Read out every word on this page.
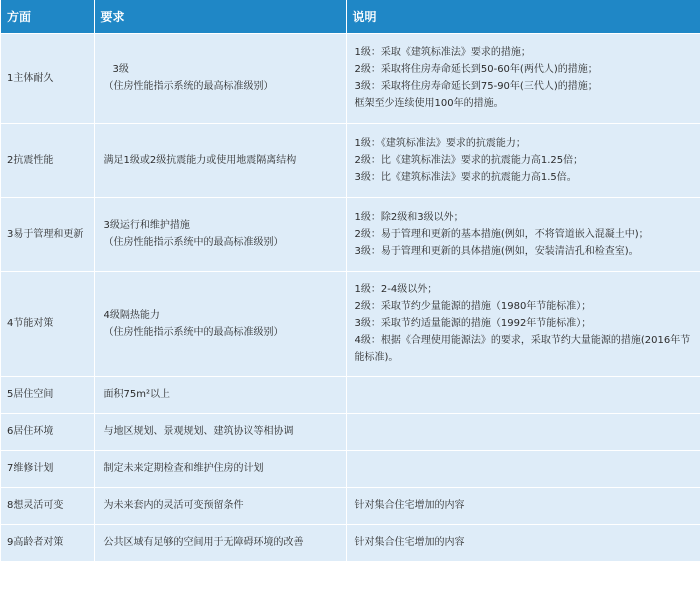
方面	要求	说明
1主体耐久	3级
（住房性能指示系统的最高标准级别）	1级：采取《建筑标准法》要求的措施；
2级：采取将住房寿命延长到50-60年(两代人)的措施；
3级：采取将住房寿命延长到75-90年(三代人)的措施；
框架至少连续使用100年的措施。

2抗震性能	满足1级或2级抗震能力或使用地震隔离结构	1级：《建筑标准法》要求的抗震能力；
2级：比《建筑标准法》要求的抗震能力高1.25倍；
3级：比《建筑标准法》要求的抗震能力高1.5倍。

3易于管理和更新	3级运行和维护措施
（住房性能指示系统中的最高标准级别）	1级：除2级和3级以外；
2级：易于管理和更新的基本措施(例如，不将管道嵌入混凝土中)；
3级：易于管理和更新的具体措施(例如，安装清洁孔和检查室)。

4节能对策	4级隔热能力
（住房性能指示系统中的最高标准级别）	1级：2-4级以外；
2级：采取节约少量能源的措施（1980年节能标准）；
3级：采取节约适量能源的措施（1992年节能标准）；
4级：根据《合理使用能源法》的要求，采取节约大量能源的措施(2016年节能标准)。

5居住空间	面积75m²以上	

6居住环境	与地区规划、景观规划、建筑协议等相协调	

7维修计划	制定未来定期检查和维护住房的计划	

8想灵活可变	为未来套内的灵活可变预留条件	针对集合住宅增加的内容

9高龄者对策	公共区域有足够的空间用于无障碍环境的改善	针对集合住宅增加的内容
